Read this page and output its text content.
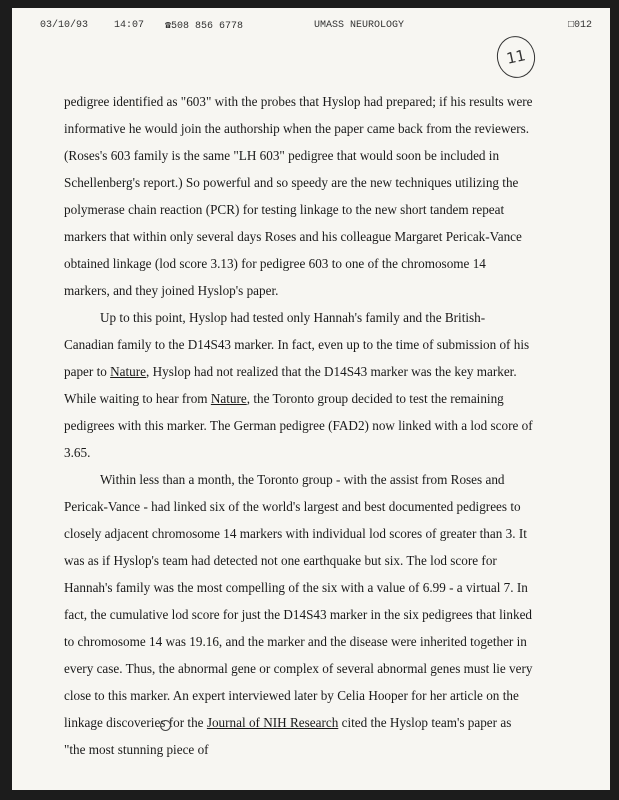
03/10/93	14:07 ☎508 856 6778	UMASS NEUROLOGY	□012
11

pedigree identified as "603" with the probes that Hyslop had prepared; if his results were informative he would join the authorship when the paper came back from the reviewers. (Roses's 603 family is the same "LH 603" pedigree that would soon be included in Schellenberg's report.) So powerful and so speedy are the new techniques utilizing the polymerase chain reaction (PCR) for testing linkage to the new short tandem repeat markers that within only several days Roses and his colleague Margaret Pericak-Vance obtained linkage (lod score 3.13) for pedigree 603 to one of the chromosome 14 markers, and they joined Hyslop's paper.

Up to this point, Hyslop had tested only Hannah's family and the British-Canadian family to the D14S43 marker. In fact, even up to the time of submission of his paper to Nature, Hyslop had not realized that the D14S43 marker was the key marker. While waiting to hear from Nature, the Toronto group decided to test the remaining pedigrees with this marker. The German pedigree (FAD2) now linked with a lod score of 3.65.

Within less than a month, the Toronto group - with the assist from Roses and Pericak-Vance - had linked six of the world's largest and best documented pedigrees to closely adjacent chromosome 14 markers with individual lod scores of greater than 3. It was as if Hyslop's team had detected not one earthquake but six. The lod score for Hannah's family was the most compelling of the six with a value of 6.99 - a virtual 7. In fact, the cumulative lod score for just the D14S43 marker in the six pedigrees that linked to chromosome 14 was 19.16, and the marker and the disease were inherited together in every case. Thus, the abnormal gene or complex of several abnormal genes must lie very close to this marker. An expert interviewed later by Celia Hooper for her article on the linkage discoveries for the Journal of NIH Research cited the Hyslop team's paper as "the most stunning piece of
